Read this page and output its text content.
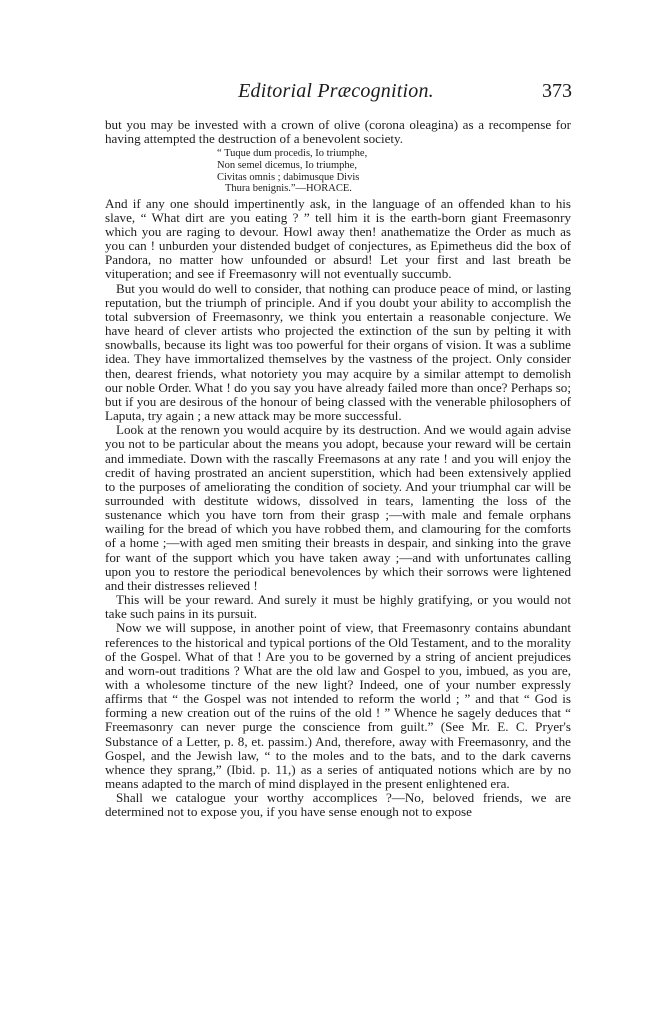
Editorial Præcognition.	373

but you may be invested with a crown of olive (corona oleagina) as a recompense for having attempted the destruction of a benevolent society.

“ Tuque dum procedis, Io triumphe,
Non semel dicemus, Io triumphe,
Civitas omnis ; dabimusque Divis
Thura benignis.”—HORACE.

And if any one should impertinently ask, in the language of an offended khan to his slave, “ What dirt are you eating ? ” tell him it is the earth-born giant Freemasonry which you are raging to devour. Howl away then! anathematize the Order as much as you can ! unburden your distended budget of conjectures, as Epimetheus did the box of Pandora, no matter how unfounded or absurd! Let your first and last breath be vituperation; and see if Freemasonry will not eventually succumb.

But you would do well to consider, that nothing can produce peace of mind, or lasting reputation, but the triumph of principle. And if you doubt your ability to accomplish the total subversion of Freemasonry, we think you entertain a reasonable conjecture. We have heard of clever artists who projected the extinction of the sun by pelting it with snowballs, because its light was too powerful for their organs of vision. It was a sublime idea. They have immortalized themselves by the vastness of the project. Only consider then, dearest friends, what notoriety you may acquire by a similar attempt to demolish our noble Order. What ! do you say you have already failed more than once? Perhaps so; but if you are desirous of the honour of being classed with the venerable philosophers of Laputa, try again ; a new attack may be more successful.

Look at the renown you would acquire by its destruction. And we would again advise you not to be particular about the means you adopt, because your reward will be certain and immediate. Down with the rascally Freemasons at any rate ! and you will enjoy the credit of having prostrated an ancient superstition, which had been extensively applied to the purposes of ameliorating the condition of society. And your triumphal car will be surrounded with destitute widows, dissolved in tears, lamenting the loss of the sustenance which you have torn from their grasp ;—with male and female orphans wailing for the bread of which you have robbed them, and clamouring for the comforts of a home ;—with aged men smiting their breasts in despair, and sinking into the grave for want of the support which you have taken away ;—and with unfortunates calling upon you to restore the periodical benevolences by which their sorrows were lightened and their distresses relieved !

This will be your reward. And surely it must be highly gratifying, or you would not take such pains in its pursuit.

Now we will suppose, in another point of view, that Freemasonry contains abundant references to the historical and typical portions of the Old Testament, and to the morality of the Gospel. What of that ! Are you to be governed by a string of ancient prejudices and worn-out traditions ? What are the old law and Gospel to you, imbued, as you are, with a wholesome tincture of the new light? Indeed, one of your number expressly affirms that “ the Gospel was not intended to reform the world ; ” and that “ God is forming a new creation out of the ruins of the old ! ” Whence he sagely deduces that “ Freemasonry can never purge the conscience from guilt.” (See Mr. E. C. Pryer's Substance of a Letter, p. 8, et. passim.) And, therefore, away with Freemasonry, and the Gospel, and the Jewish law, “ to the moles and to the bats, and to the dark caverns whence they sprang,” (Ibid. p. 11,) as a series of antiquated notions which are by no means adapted to the march of mind displayed in the present enlightened era.

Shall we catalogue your worthy accomplices ?—No, beloved friends, we are determined not to expose you, if you have sense enough not to expose
